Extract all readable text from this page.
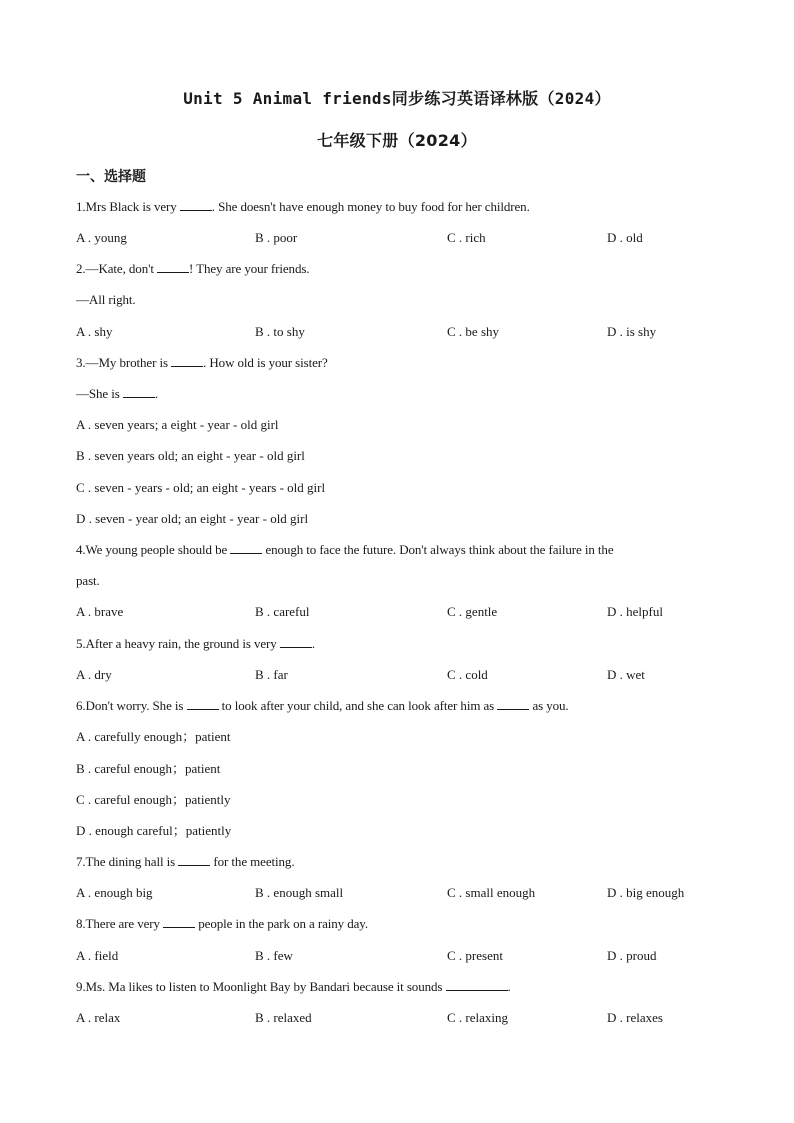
Unit 5 Animal friends同步练习英语译林版（2024）
七年级下册（2024）
一、选择题
1.Mrs Black is very . She doesn't have enough money to buy food for her children.
A . young	B . poor	C . rich	D . old
2.—Kate, don't ! They are your friends.
—All right.
A . shy	B . to shy	C . be shy	D . is shy
3.—My brother is . How old is your sister?
—She is .
A . seven years; a eight - year - old girl
B . seven years old; an eight - year - old girl
C . seven - years - old; an eight - years - old girl
D . seven - year old; an eight - year - old girl
4.We young people should be  enough to face the future. Don't always think about the failure in the
past.
A . brave	B . careful	C . gentle	D . helpful
5.After a heavy rain, the ground is very .
A . dry	B . far	C . cold	D . wet
6.Don't worry. She is  to look after your child, and she can look after him as  as you.
A . carefully enough；patient
B . careful enough；patient
C . careful enough；patiently
D . enough careful；patiently
7.The dining hall is  for the meeting.
A . enough big	B . enough small	C . small enough	D . big enough
8.There are very  people in the park on a rainy day.
A . field	B . few	C . present	D . proud
9.Ms. Ma likes to listen to Moonlight Bay by Bandari because it sounds	.
A . relax	B . relaxed	C . relaxing	D . relaxes
